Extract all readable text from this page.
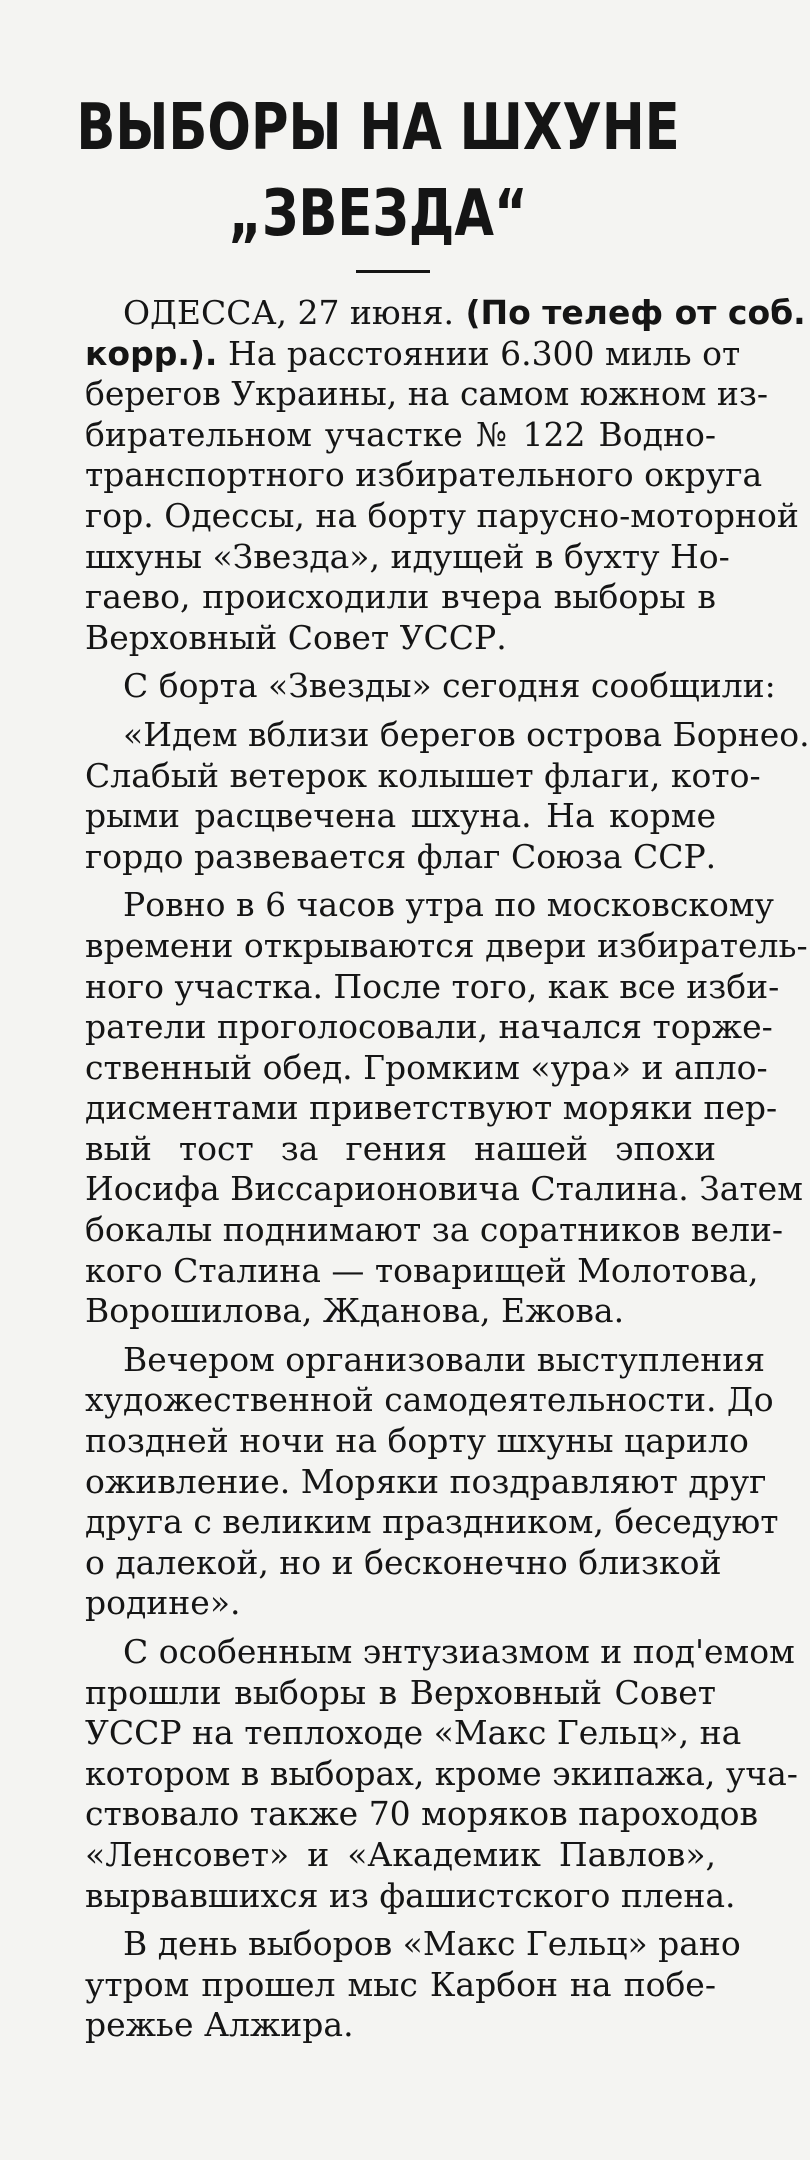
ВЫБОРЫ НА ШХУНЕ
„ЗВЕЗДА“
ОДЕССА, 27 июня. (По телеф от соб.
корр.). На расстоянии 6.300 миль от
берегов Украины, на самом южном из-
бирательном участке № 122 Водно-
транспортного избирательного округа
гор. Одессы, на борту парусно-моторной
шхуны «Звезда», идущей в бухту Но-
гаево, происходили вчера выборы в
Верховный Совет УССР.
С борта «Звезды» сегодня сообщили:
«Идем вблизи берегов острова Борнео.
Слабый ветерок колышет флаги, кото-
рыми расцвечена шхуна. На корме
гордо развевается флаг Союза ССР.
Ровно в 6 часов утра по московскому
времени открываются двери избиратель-
ного участка. После того, как все изби-
ратели проголосовали, начался торже-
ственный обед. Громким «ура» и апло-
дисментами приветствуют моряки пер-
вый тост за гения нашей эпохи
Иосифа Виссарионовича Сталина. Затем
бокалы поднимают за соратников вели-
кого Сталина — товарищей Молотова,
Ворошилова, Жданова, Ежова.
Вечером организовали выступления
художественной самодеятельности. До
поздней ночи на борту шхуны царило
оживление. Моряки поздравляют друг
друга с великим праздником, беседуют
о далекой, но и бесконечно близкой
родине».
С особенным энтузиазмом и под'емом
прошли выборы в Верховный Совет
УССР на теплоходе «Макс Гельц», на
котором в выборах, кроме экипажа, уча-
ствовало также 70 моряков пароходов
«Ленсовет» и «Академик Павлов»,
вырвавшихся из фашистского плена.
В день выборов «Макс Гельц» рано
утром прошел мыс Карбон на побе-
режье Алжира.
